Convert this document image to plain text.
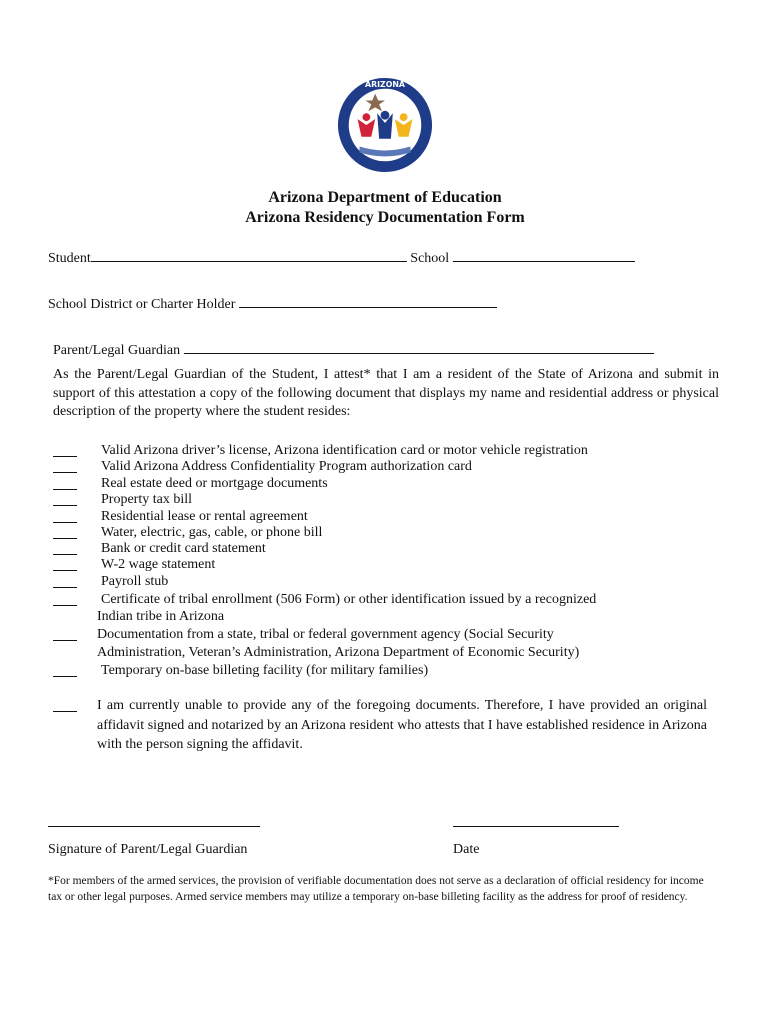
ARIZONA
Arizona Department of Education
Arizona Residency Documentation Form
Student	School
School District or Charter Holder
Parent/Legal Guardian
As the Parent/Legal Guardian of the Student, I attest* that I am a resident of the State of Arizona and submit in support of this attestation a copy of the following document that displays my name and residential address or physical description of the property where the student resides:
Valid Arizona driver’s license, Arizona identification card or motor vehicle registration
Valid Arizona Address Confidentiality Program authorization card
Real estate deed or mortgage documents
Property tax bill
Residential lease or rental agreement
Water, electric, gas, cable, or phone bill
Bank or credit card statement
W-2 wage statement
Payroll stub
Certificate of tribal enrollment (506 Form) or other identification issued by a recognized
Indian tribe in Arizona
Documentation from a state, tribal or federal government agency (Social Security
Administration, Veteran’s Administration, Arizona Department of Economic Security)
Temporary on-base billeting facility (for military families)
I am currently unable to provide any of the foregoing documents. Therefore, I have provided an original affidavit signed and notarized by an Arizona resident who attests that I have established residence in Arizona with the person signing the affidavit.
Signature of Parent/Legal Guardian	Date
*For members of the armed services, the provision of verifiable documentation does not serve as a declaration of official residency for income tax or other legal purposes. Armed service members may utilize a temporary on-base billeting facility as the address for proof of residency.
